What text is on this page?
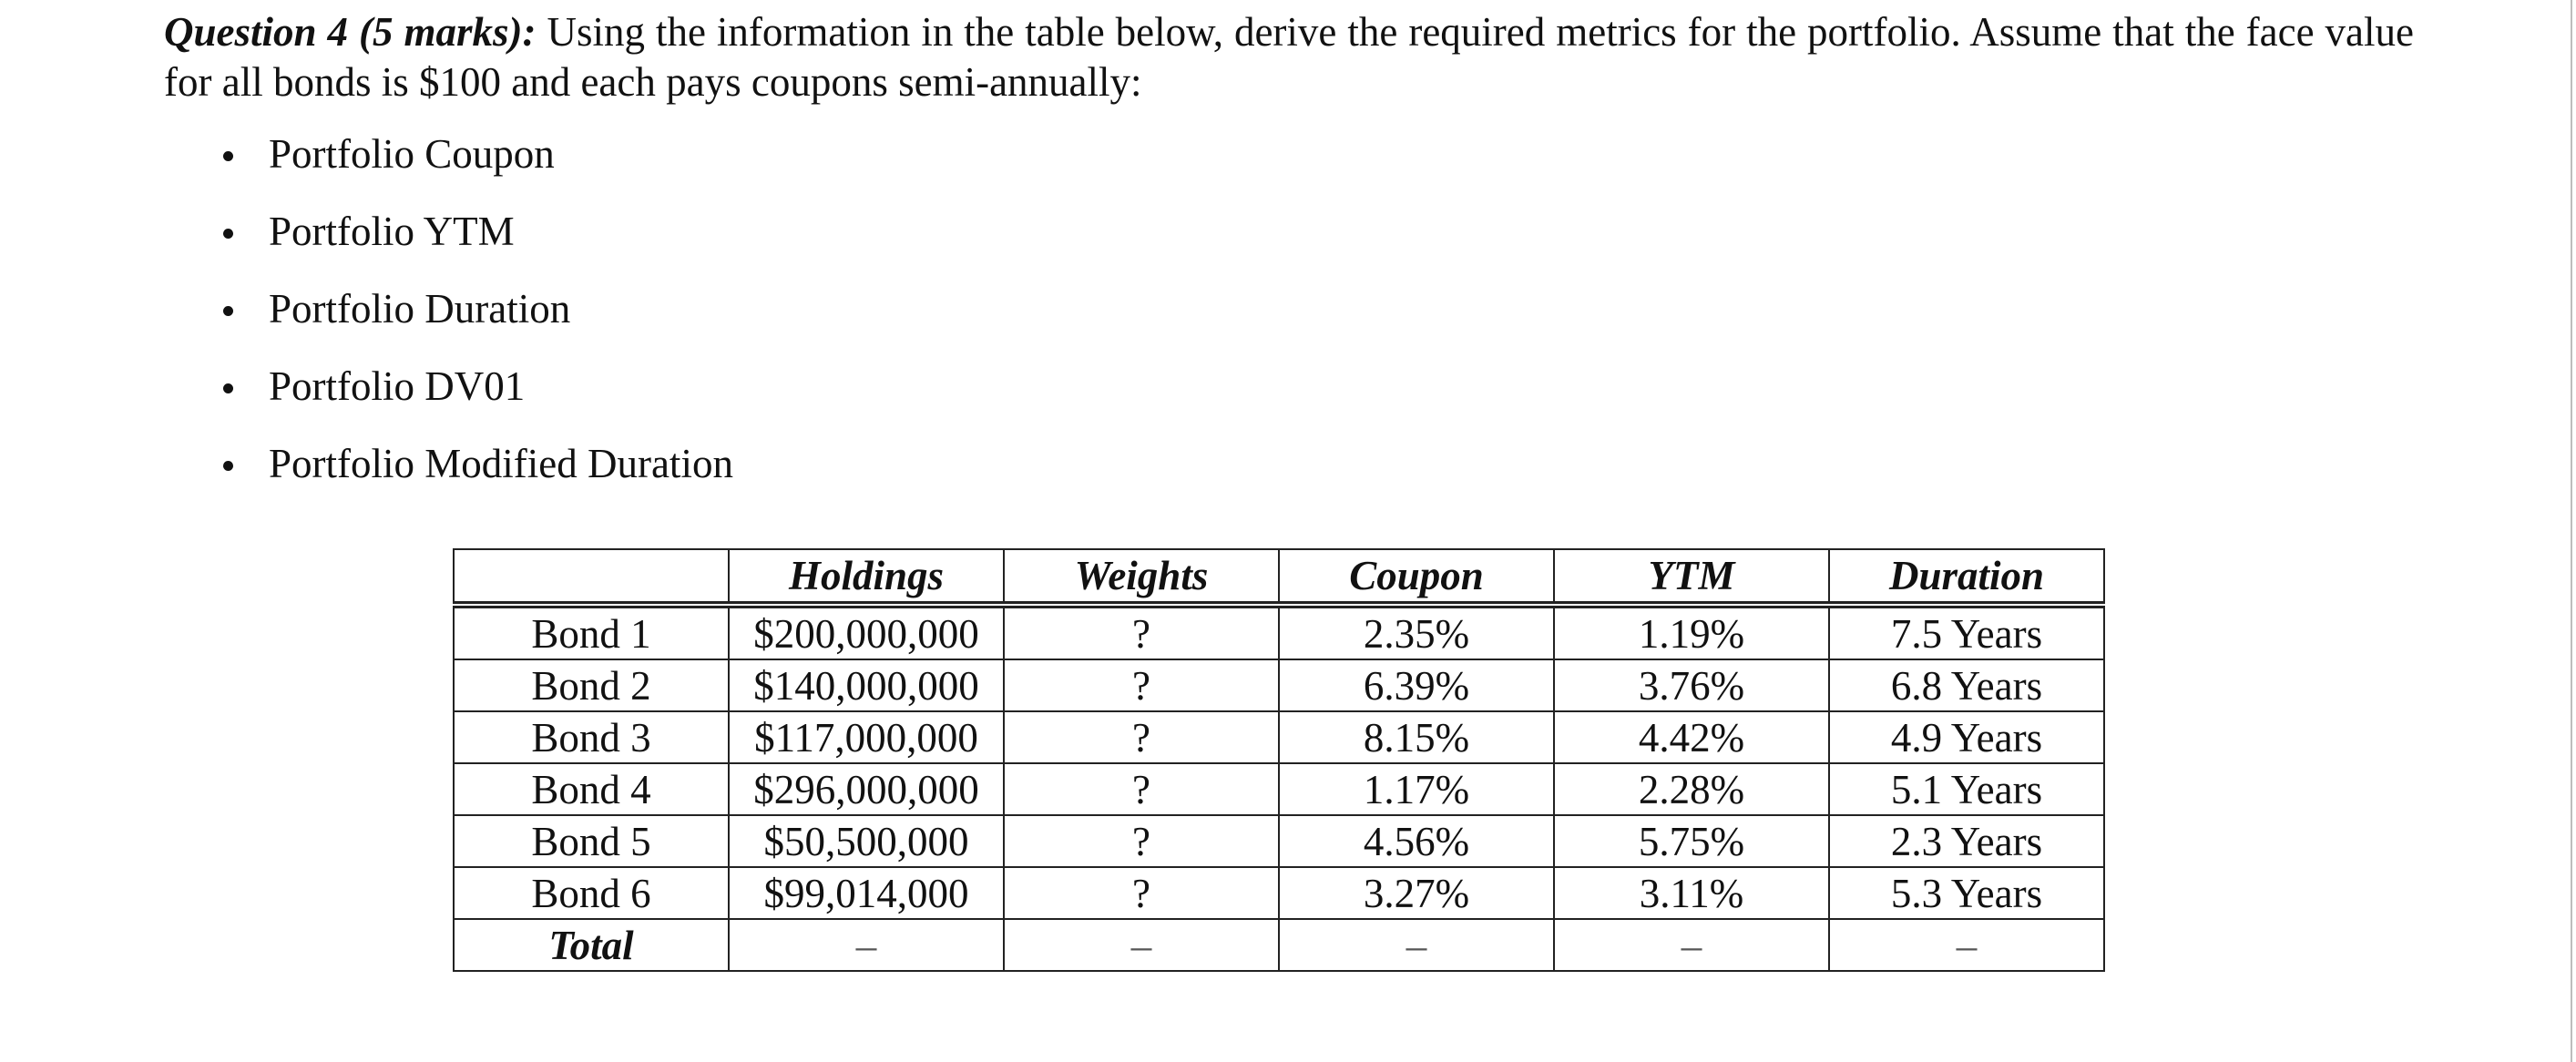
Question 4 (5 marks): Using the information in the table below, derive the required metrics for the portfolio. Assume that the face value for all bonds is $100 and each pays coupons semi-annually:
Portfolio Coupon
Portfolio YTM
Portfolio Duration
Portfolio DV01
Portfolio Modified Duration
	Holdings	Weights	Coupon	YTM	Duration
Bond 1	$200,000,000	?	2.35%	1.19%	7.5 Years
Bond 2	$140,000,000	?	6.39%	3.76%	6.8 Years
Bond 3	$117,000,000	?	8.15%	4.42%	4.9 Years
Bond 4	$296,000,000	?	1.17%	2.28%	5.1 Years
Bond 5	$50,500,000	?	4.56%	5.75%	2.3 Years
Bond 6	$99,014,000	?	3.27%	3.11%	5.3 Years
Total	–	–	–	–	–
